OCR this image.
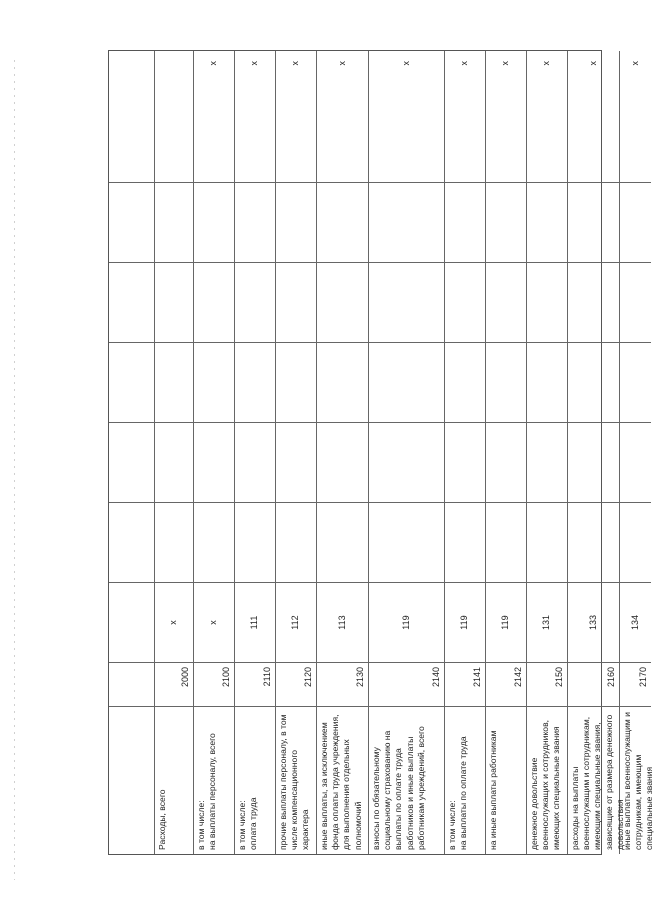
Расходы, всего
2000
x
в том числе:
на выплаты персоналу, всего
2100
x
x
в том числе:
оплата труда
2110
111
x
прочие выплаты персоналу, в том числе компенсационного характера
2120
112
x
иные выплаты, за исключением фонда оплаты труда учреждения, для выполнения отдельных полномочий
2130
113
x
взносы по обязательному социальному страхованию на выплаты по оплате труда работников и иные выплаты работникам учреждений, всего
2140
119
x
в том числе:
на выплаты по оплате труда
2141
119
x
на иные выплаты работникам
2142
119
x
денежное довольствие военнослужащих и сотрудников, имеющих специальные звания
2150
131
x
расходы на выплаты военнослужащим и сотрудникам, имеющим специальные звания, зависящие от размера денежного довольствия
2160
133
x
иные выплаты военнослужащим и сотрудникам, имеющим специальные звания
2170
134
x
